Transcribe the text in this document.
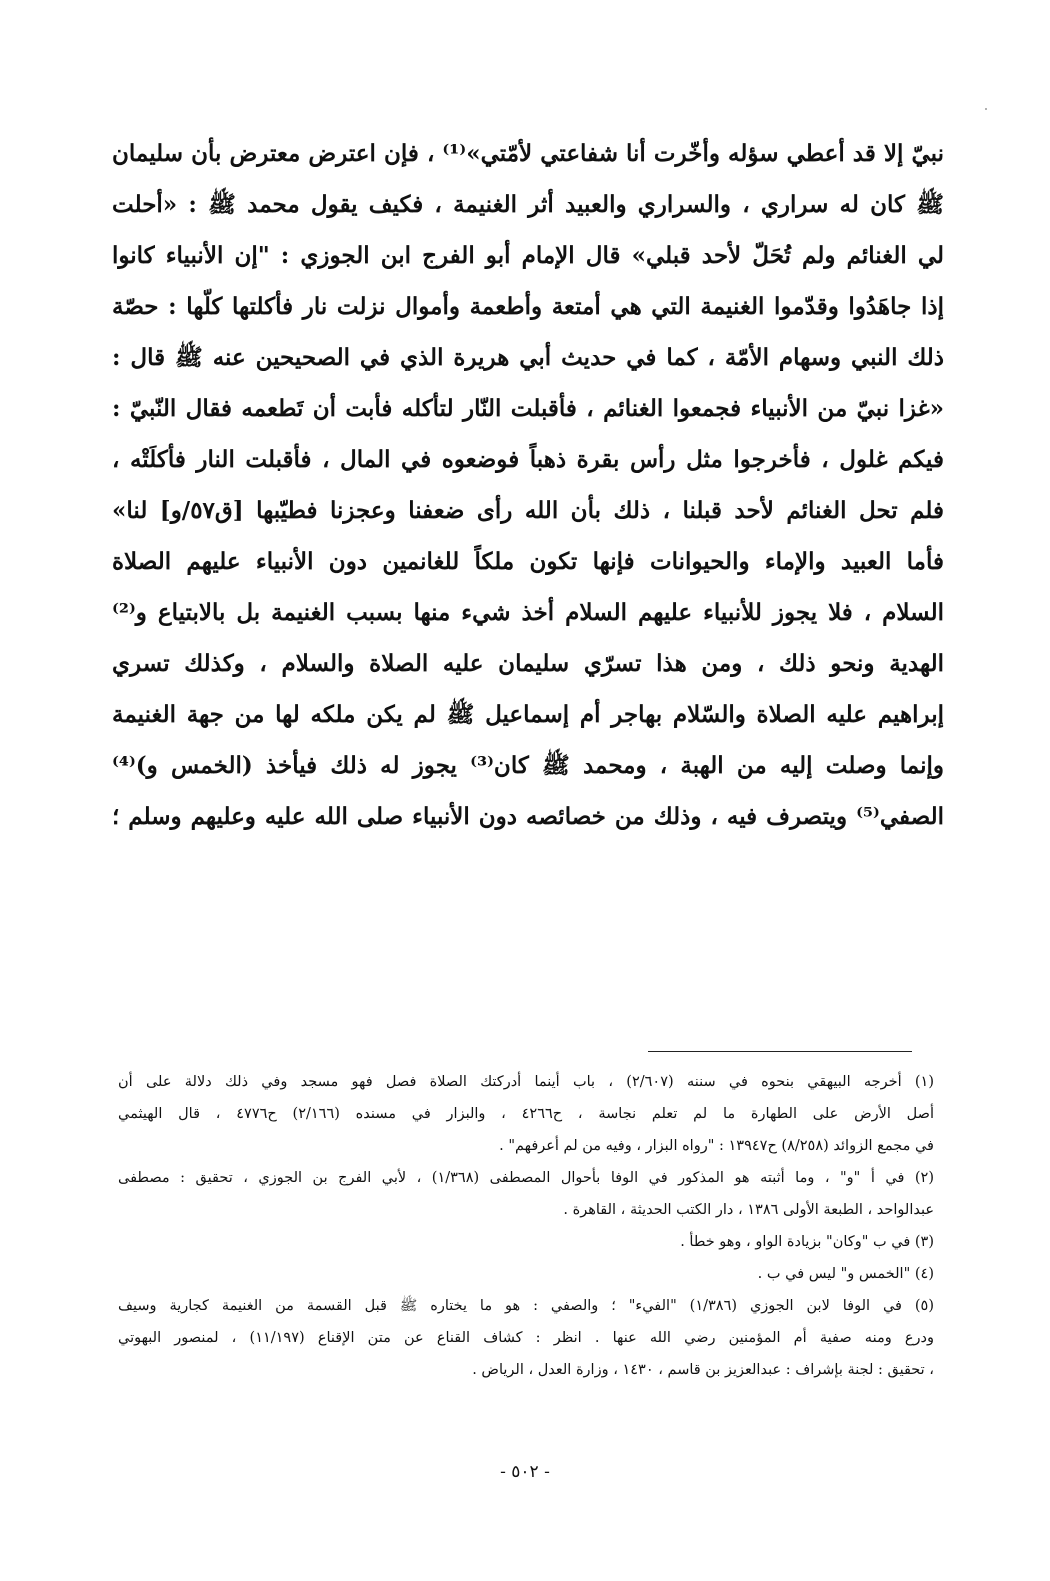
نبيّ إلا قد أعطي سؤله وأخّرت أنا شفاعتي لأمّتي»⁽¹⁾ ، فإن اعترض معترض بأن سليمان
ﷺ كان له سراري ، والسراري والعبيد أثر الغنيمة ، فكيف يقول محمد ﷺ : «أحلت
لي الغنائم ولم تُحَلّ لأحد قبلي» قال الإمام أبو الفرج ابن الجوزي : "إن الأنبياء كانوا
إذا جاهَدُوا وقدّموا الغنيمة التي هي أمتعة وأطعمة وأموال نزلت نار فأكلتها كلّها : حصّة
ذلك النبي وسهام الأمّة ، كما في حديث أبي هريرة الذي في الصحيحين عنه ﷺ قال :
«غزا نبيّ من الأنبياء فجمعوا الغنائم ، فأقبلت النّار لتأكله فأبت أن تَطعمه فقال النّبيّ :
فيكم غلول ، فأخرجوا مثل رأس بقرة ذهباً فوضعوه في المال ، فأقبلت النار فأكلَتْه ،
فلم تحل الغنائم لأحد قبلنا ، ذلك بأن الله رأى ضعفنا وعجزنا فطيّبها [ق٥٧/و] لنا»
فأما العبيد والإماء والحيوانات فإنها تكون ملكاً للغانمين دون الأنبياء عليهم الصلاة
السلام ، فلا يجوز للأنبياء عليهم السلام أخذ شيء منها بسبب الغنيمة بل بالابتياع و⁽²⁾
الهدية ونحو ذلك ، ومن هذا تسرّي سليمان عليه الصلاة والسلام ، وكذلك تسري
إبراهيم عليه الصلاة والسّلام بهاجر أم إسماعيل ﷺ لم يكن ملكه لها من جهة الغنيمة
وإنما وصلت إليه من الهبة ، ومحمد ﷺ كان⁽³⁾ يجوز له ذلك فيأخذ (الخمس و)⁽⁴⁾
الصفي⁽⁵⁾ ويتصرف فيه ، وذلك من خصائصه دون الأنبياء صلى الله عليه وعليهم وسلم ؛
(١) أخرجه البيهقي بنحوه في سننه (٢/٦٠٧) ، باب أينما أدركتك الصلاة فصل فهو مسجد وفي ذلك دلالة على أن
أصل الأرض على الطهارة ما لم تعلم نجاسة ، ح٤٢٦٦ ، والبزار في مسنده (٢/١٦٦) ح٤٧٧٦ ، قال الهيثمي
في مجمع الزوائد (٨/٢٥٨) ح١٣٩٤٧ : "رواه البزار ، وفيه من لم أعرفهم" .
(٢) في أ "و" ، وما أثبته هو المذكور في الوفا بأحوال المصطفى (١/٣٦٨) ، لأبي الفرج بن الجوزي ، تحقيق : مصطفى
عبدالواحد ، الطبعة الأولى ١٣٨٦ ، دار الكتب الحديثة ، القاهرة .
(٣) في ب "وكان" بزيادة الواو ، وهو خطأ .
(٤) "الخمس و" ليس في ب .
(٥) في الوفا لابن الجوزي (١/٣٨٦) "الفيء" ؛ والصفي : هو ما يختاره ﷺ قبل القسمة من الغنيمة كجارية وسيف
ودرع ومنه صفية أم المؤمنين رضي الله عنها . انظر : كشاف القناع عن متن الإقناع (١١/١٩٧) ، لمنصور البهوتي
، تحقيق : لجنة بإشراف : عبدالعزيز بن قاسم ، ١٤٣٠ ، وزارة العدل ، الرياض .
- ٥٠٢ -
